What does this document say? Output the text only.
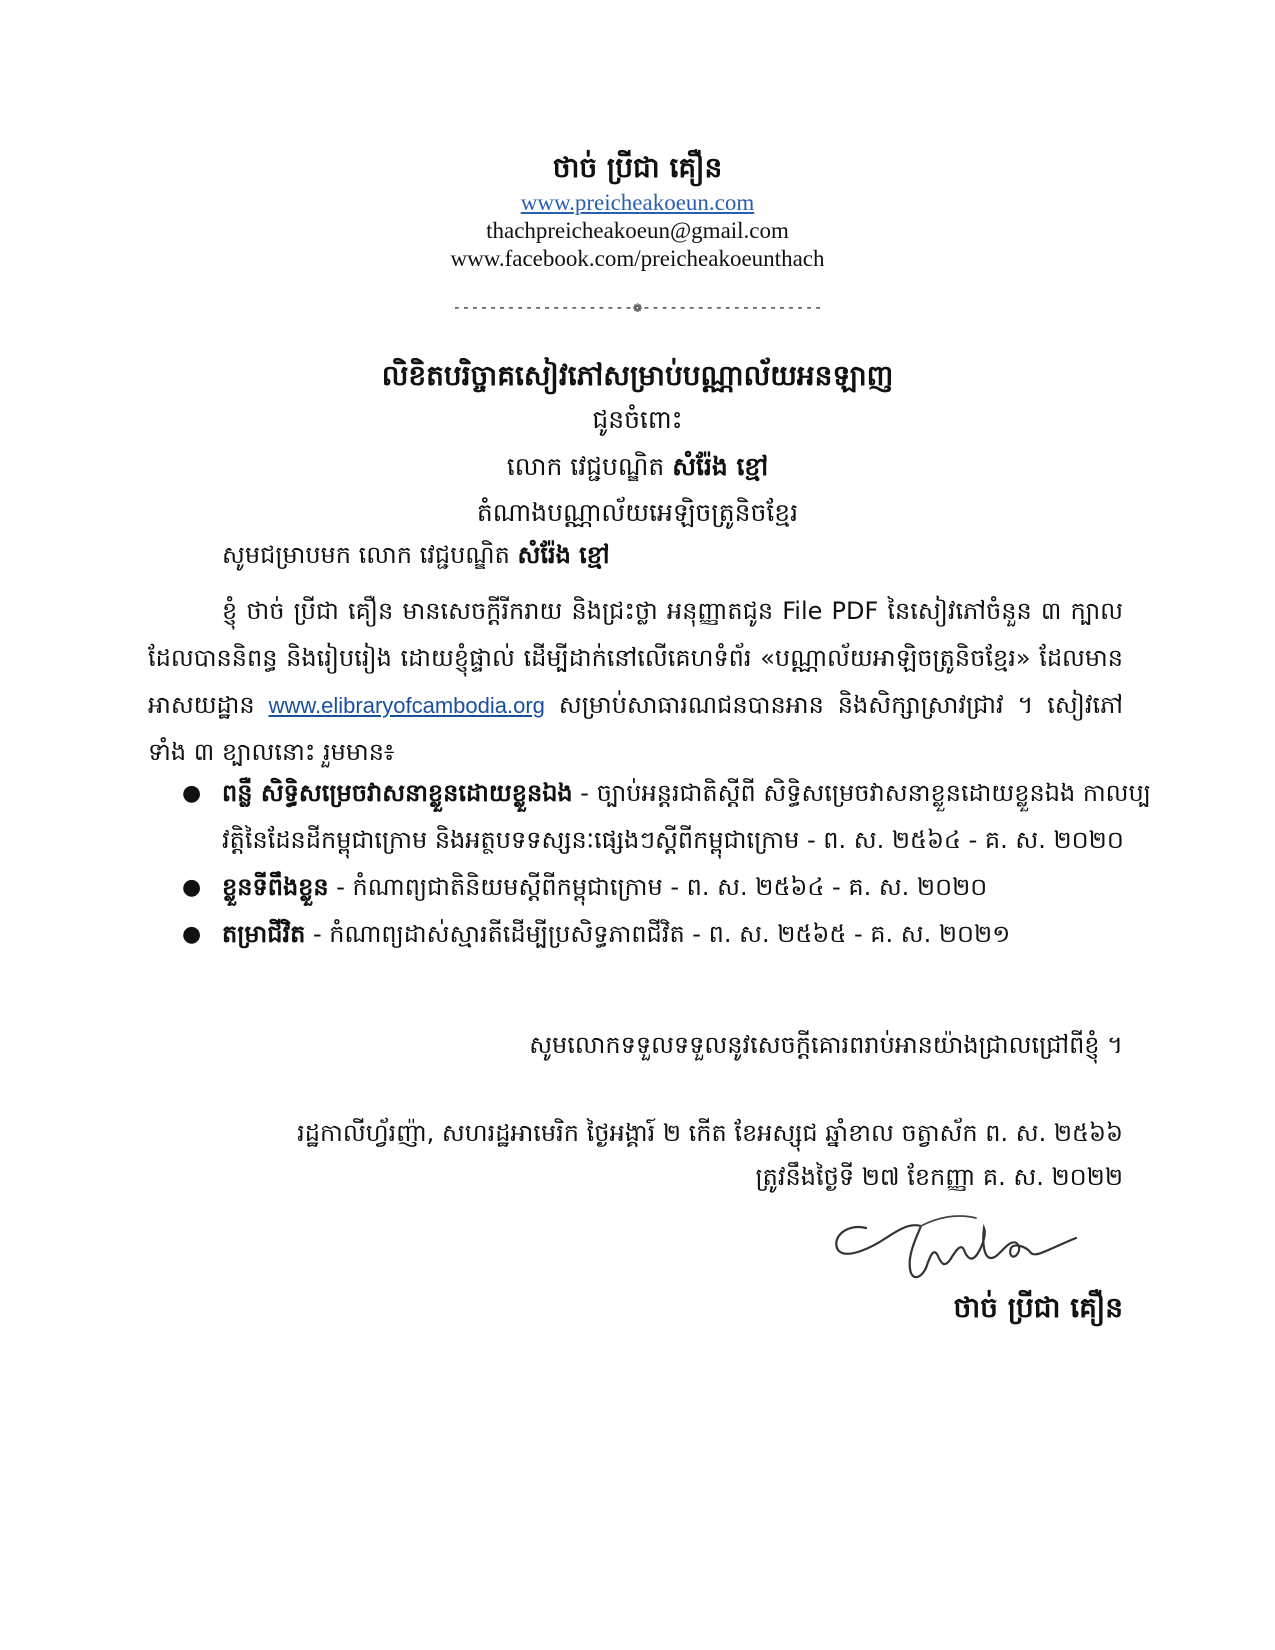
ថាច់ ប្រីជា គឿន
www.preicheakoeun.com
thachpreicheakoeun@gmail.com
www.facebook.com/preicheakoeunthach
--------------------❁--------------------
លិខិតបរិច្ចាគសៀវភៅសម្រាប់បណ្ណាល័យអនឡាញ
ជូនចំពោះ
លោក វេជ្ជបណ្ឌិត សំរ៉ែង ខ្មៅ
តំណាងបណ្ណាល័យអេឡិចត្រូនិចខ្មែរ
សូមជម្រាបមក លោក វេជ្ជបណ្ឌិត សំរ៉ែង ខ្មៅ
ខ្ញុំ ថាច់ ប្រីជា គឿន មានសេចក្តីរីករាយ និងជ្រះថ្លា អនុញ្ញាតជូន File PDF នៃសៀវភៅចំនួន ៣ ក្បាល ដែលបាននិពន្ធ និងរៀបរៀង ដោយខ្ញុំផ្ទាល់ ដើម្បីដាក់នៅលើគេហទំព័រ «បណ្ណាល័យអាឡិចត្រូនិចខ្មែរ» ដែលមានអាសយដ្ឋាន www.elibraryofcambodia.org សម្រាប់សាធារណជនបានអាន និងសិក្សាស្រាវជ្រាវ ។ សៀវភៅទាំង ៣ ខ្បាលនោះ រួមមាន៖
● ពន្លឺ សិទ្ធិសម្រេចវាសនាខ្លួនដោយខ្លួនឯង - ច្បាប់អន្តរជាតិស្តីពី សិទ្ធិសម្រេចវាសនាខ្លួនដោយខ្លួនឯង កាលប្បវត្តិនៃដែនដីកម្ពុជាក្រោម និងអត្ថបទទស្សនៈផ្សេងៗស្តីពីកម្ពុជាក្រោម - ព. ស. ២៥៦៤ - គ. ស. ២០២០
● ខ្លួនទីពឹងខ្លួន - កំណាព្យជាតិនិយមស្តីពីកម្ពុជាក្រោម - ព. ស. ២៥៦៤ - គ. ស. ២០២០
● តម្រាជីវិត - កំណាព្យដាស់ស្មារតីដើម្បីប្រសិទ្ធភាពជីវិត - ព. ស. ២៥៦៥ - គ. ស. ២០២១
សូមលោកទទួលទទួលនូវសេចក្តីគោរពរាប់អានយ៉ាងជ្រាលជ្រៅពីខ្ញុំ ។
រដ្ឋកាលីហ្វ័រញ៉ា, សហរដ្ឋអាមេរិក ថ្ងៃអង្គារ៍ ២ កើត ខែអស្សុជ ឆ្នាំខាល ចត្វាស័ក ព. ស. ២៥៦៦
ត្រូវនឹងថ្ងៃទី ២៧ ខែកញ្ញា គ. ស. ២០២២
ថាច់ ប្រីជា គឿន
